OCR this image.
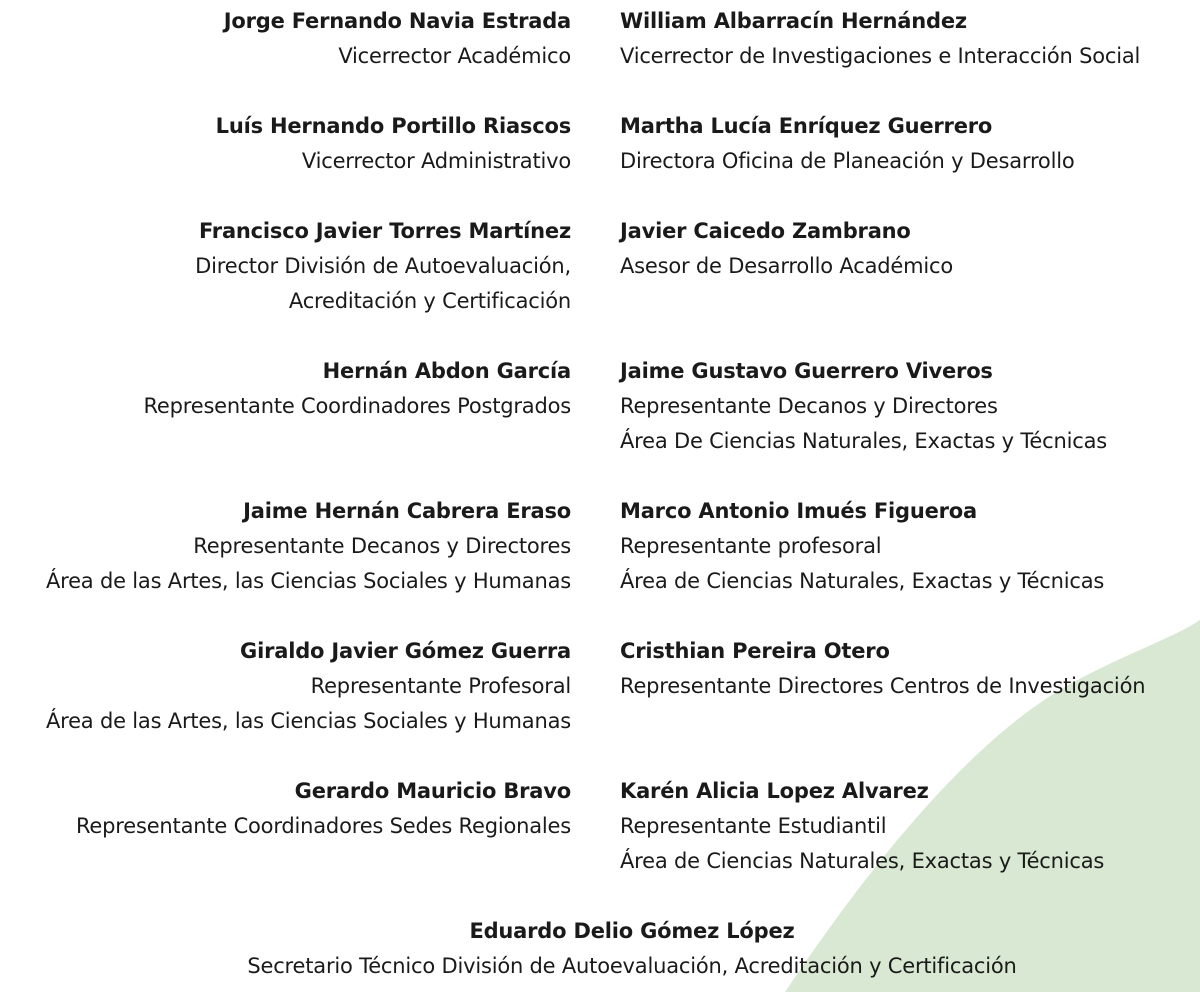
Jorge Fernando Navia Estrada
Vicerrector Académico
William Albarracín Hernández
Vicerrector de Investigaciones e Interacción Social
Luís Hernando Portillo Riascos
Vicerrector Administrativo
Martha Lucía Enríquez Guerrero
Directora Oficina de Planeación y Desarrollo
Francisco Javier Torres Martínez
Director División de Autoevaluación,
Acreditación y Certificación
Javier Caicedo Zambrano
Asesor de Desarrollo Académico
Hernán Abdon García
Representante Coordinadores Postgrados
Jaime Gustavo Guerrero Viveros
Representante Decanos y Directores
Área De Ciencias Naturales, Exactas y Técnicas
Jaime Hernán Cabrera Eraso
Representante Decanos y Directores
Área de las Artes, las Ciencias Sociales y Humanas
Marco Antonio Imués Figueroa
Representante profesoral
Área de Ciencias Naturales, Exactas y Técnicas
Giraldo Javier Gómez Guerra
Representante Profesoral
Área de las Artes, las Ciencias Sociales y Humanas
Cristhian Pereira Otero
Representante Directores Centros de Investigación
Gerardo Mauricio Bravo
Representante Coordinadores Sedes Regionales
Karén Alicia Lopez Alvarez
Representante Estudiantil
Área de Ciencias Naturales, Exactas y Técnicas
Eduardo Delio Gómez López
Secretario Técnico División de Autoevaluación, Acreditación y Certificación
